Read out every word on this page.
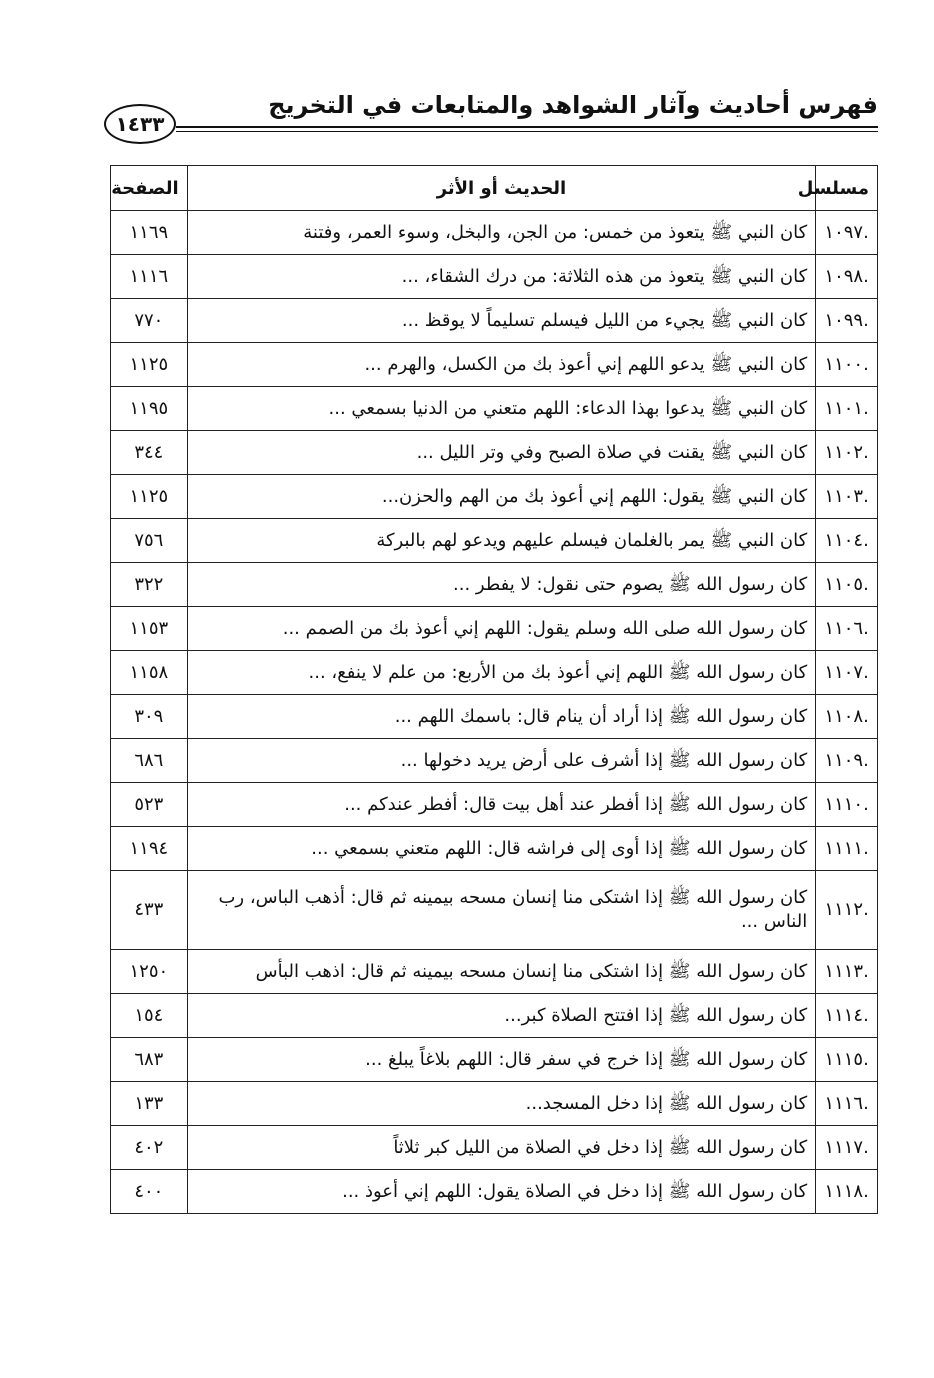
فهرس أحاديث وآثار الشواهد والمتابعات في التخريج
١٤٣٣
مسلسل	الحديث أو الأثر	الصفحة
.١٠٩٧	كان النبي ﷺ يتعوذ من خمس: من الجن، والبخل، وسوء العمر، وفتنة	١١٦٩
.١٠٩٨	كان النبي ﷺ يتعوذ من هذه الثلاثة: من درك الشقاء، ...	١١١٦
.١٠٩٩	كان النبي ﷺ يجيء من الليل فيسلم تسليماً لا يوقظ ...	٧٧٠
.١١٠٠	كان النبي ﷺ يدعو اللهم إني أعوذ بك من الكسل، والهرم ...	١١٢٥
.١١٠١	كان النبي ﷺ يدعوا بهذا الدعاء: اللهم متعني من الدنيا بسمعي ...	١١٩٥
.١١٠٢	كان النبي ﷺ يقنت في صلاة الصبح وفي وتر الليل ...	٣٤٤
.١١٠٣	كان النبي ﷺ يقول: اللهم إني أعوذ بك من الهم والحزن...	١١٢٥
.١١٠٤	كان النبي ﷺ يمر بالغلمان فيسلم عليهم ويدعو لهم بالبركة	٧٥٦
.١١٠٥	كان رسول الله ﷺ يصوم حتى نقول: لا يفطر ...	٣٢٢
.١١٠٦	كان رسول الله صلى الله وسلم يقول: اللهم إني أعوذ بك من الصمم ...	١١٥٣
.١١٠٧	كان رسول الله ﷺ اللهم إني أعوذ بك من الأربع: من علم لا ينفع، ...	١١٥٨
.١١٠٨	كان رسول الله ﷺ إذا أراد أن ينام قال: باسمك اللهم ...	٣٠٩
.١١٠٩	كان رسول الله ﷺ إذا أشرف على أرض يريد دخولها ...	٦٨٦
.١١١٠	كان رسول الله ﷺ إذا أفطر عند أهل بيت قال: أفطر عندكم ...	٥٢٣
.١١١١	كان رسول الله ﷺ إذا أوى إلى فراشه قال: اللهم متعني بسمعي ...	١١٩٤
.١١١٢	كان رسول الله ﷺ إذا اشتكى منا إنسان مسحه بيمينه ثم قال: أذهب الباس، رب الناس ...	٤٣٣
.١١١٣	كان رسول الله ﷺ إذا اشتكى منا إنسان مسحه بيمينه ثم قال: اذهب البأس	١٢٥٠
.١١١٤	كان رسول الله ﷺ إذا افتتح الصلاة كبر...	١٥٤
.١١١٥	كان رسول الله ﷺ إذا خرج في سفر قال: اللهم بلاغاً يبلغ ...	٦٨٣
.١١١٦	كان رسول الله ﷺ إذا دخل المسجد...	١٣٣
.١١١٧	كان رسول الله ﷺ إذا دخل في الصلاة من الليل كبر ثلاثاً	٤٠٢
.١١١٨	كان رسول الله ﷺ إذا دخل في الصلاة يقول: اللهم إني أعوذ ...	٤٠٠
